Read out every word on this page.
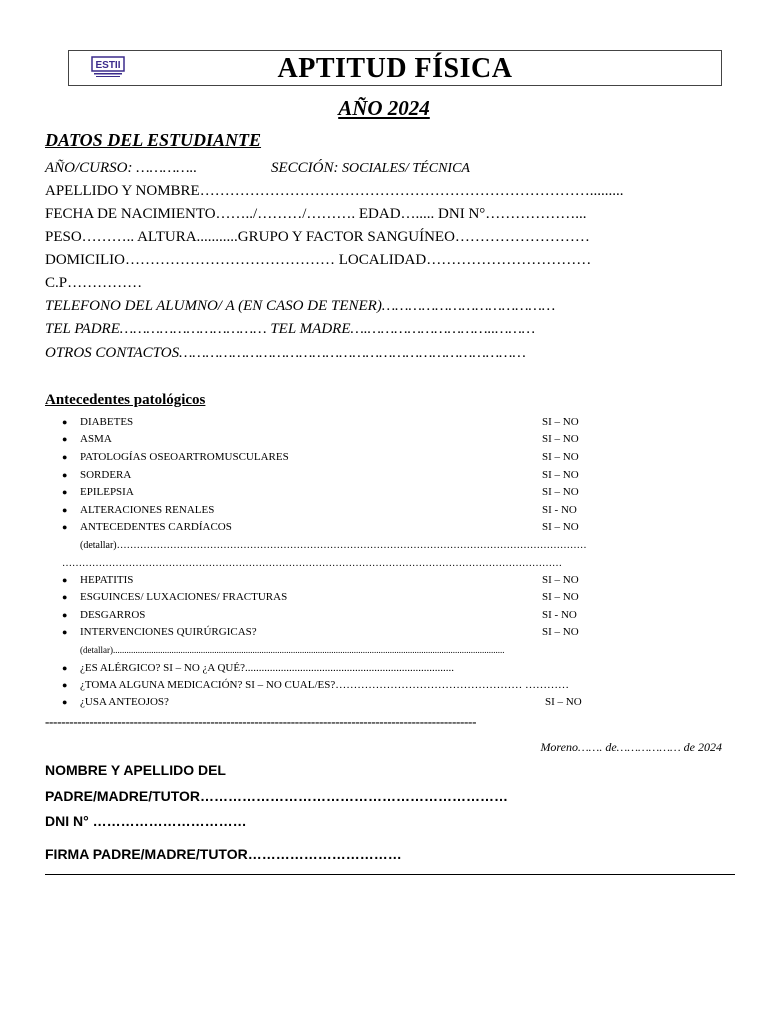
ESTII	APTITUD FÍSICA
AÑO 2024
DATOS DEL ESTUDIANTE
AÑO/CURSO: …………..	SECCIÓN: SOCIALES/ TÉCNICA
APELLIDO Y NOMBRE…………………………………………………………………….........
FECHA DE NACIMIENTO……../………/………. EDAD…..... DNI N°………………...
PESO……….. ALTURA...........GRUPO Y FACTOR SANGUÍNEO………………………
DOMICILIO…………………………………… LOCALIDAD……………………………
C.P……………
TELEFONO DEL ALUMNO/ A (EN CASO DE TENER)…………………………………
TEL PADRE…………………………… TEL MADRE….………………………..………
OTROS CONTACTOS……………………………………………………………………
Antecedentes patológicos
● DIABETES	SI – NO
● ASMA	SI – NO
● PATOLOGÍAS OSEOARTROMUSCULARES	SI – NO
● SORDERA	SI – NO
● EPILEPSIA	SI – NO
● ALTERACIONES RENALES	SI - NO
● ANTECEDENTES CARDÍACOS	SI – NO
(detallar)……………………………………………………………………………………………………………………………
……………………………………………………………………………………………………………………………………
● HEPATITIS	SI – NO
● ESGUINCES/ LUXACIONES/ FRACTURAS	SI – NO
● DESGARROS	SI - NO
● INTERVENCIONES QUIRÚRGICAS?	SI – NO
(detallar)..............................................................................................................................................................................
● ¿ES ALÉRGICO? SI – NO ¿A QUÉ?............................................................................
● ¿TOMA ALGUNA MEDICACIÓN? SI – NO CUAL/ES?…………………………………………… …………
● ¿USA ANTEOJOS?	SI – NO
-----------------------------------------------------------------------------------------------------------
Moreno……. de……………… de 2024
NOMBRE Y APELLIDO DEL
PADRE/MADRE/TUTOR…………………………………………………………
DNI N° ……………………………
FIRMA PADRE/MADRE/TUTOR……………………………
